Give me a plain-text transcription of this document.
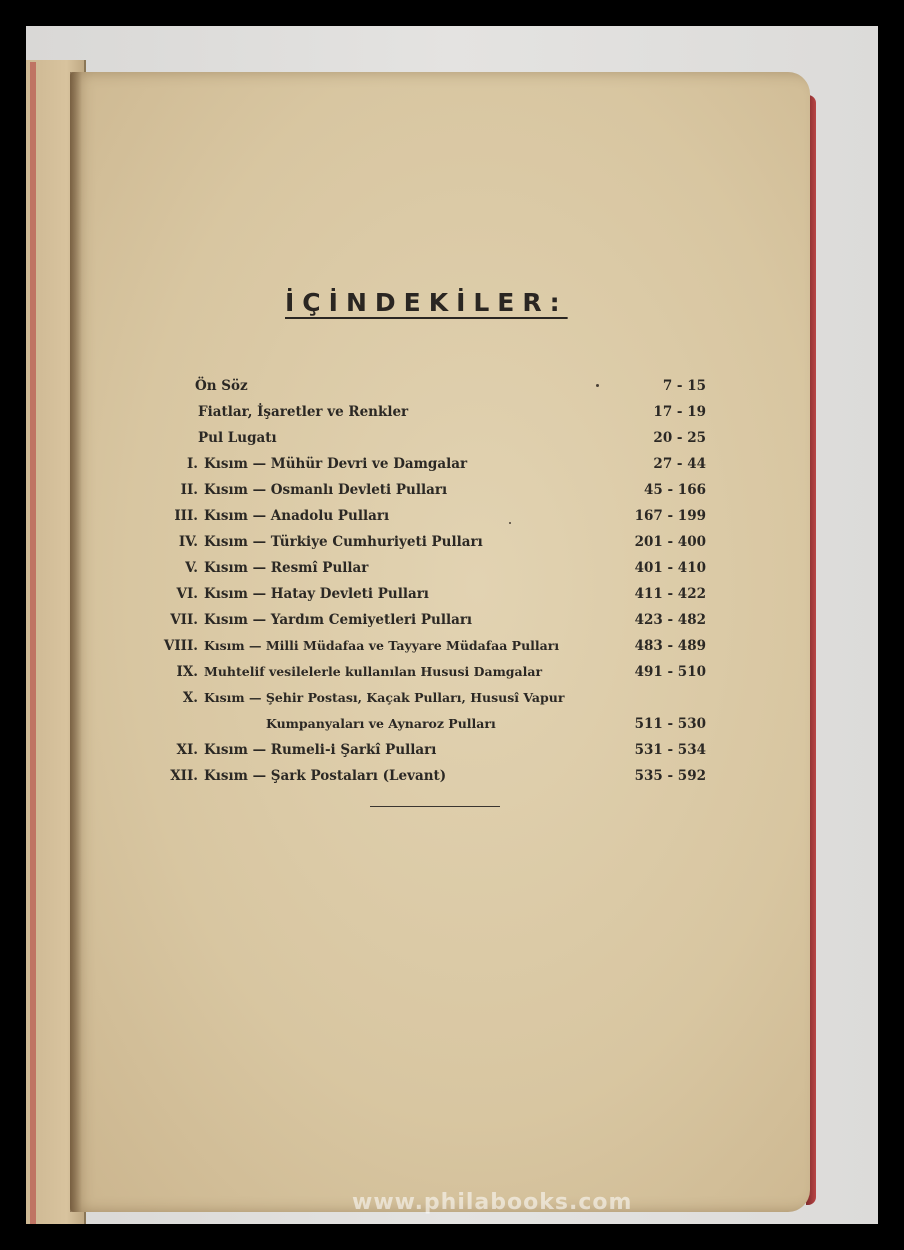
İÇİNDEKİLER:
Ön Söz	7 - 15
Fiatlar, İşaretler ve Renkler	17 - 19
Pul Lugatı	20 - 25
I. Kısım — Mühür Devri ve Damgalar	27 - 44
II. Kısım — Osmanlı Devleti Pulları	45 - 166
III. Kısım — Anadolu Pulları	167 - 199
IV. Kısım — Türkiye Cumhuriyeti Pulları	201 - 400
V. Kısım — Resmî Pullar	401 - 410
VI. Kısım — Hatay Devleti Pulları	411 - 422
VII. Kısım — Yardım Cemiyetleri Pulları	423 - 482
VIII. Kısım — Milli Müdafaa ve Tayyare Müdafaa Pulları	483 - 489
IX. Muhtelif vesilelerle kullanılan Hususi Damgalar	491 - 510
X. Kısım — Şehir Postası, Kaçak Pulları, Hususî Vapur
Kumpanyaları ve Aynaroz Pulları	511 - 530
XI. Kısım — Rumeli-i Şarkî Pulları	531 - 534
XII. Kısım — Şark Postaları (Levant)	535 - 592
www.philabooks.com
